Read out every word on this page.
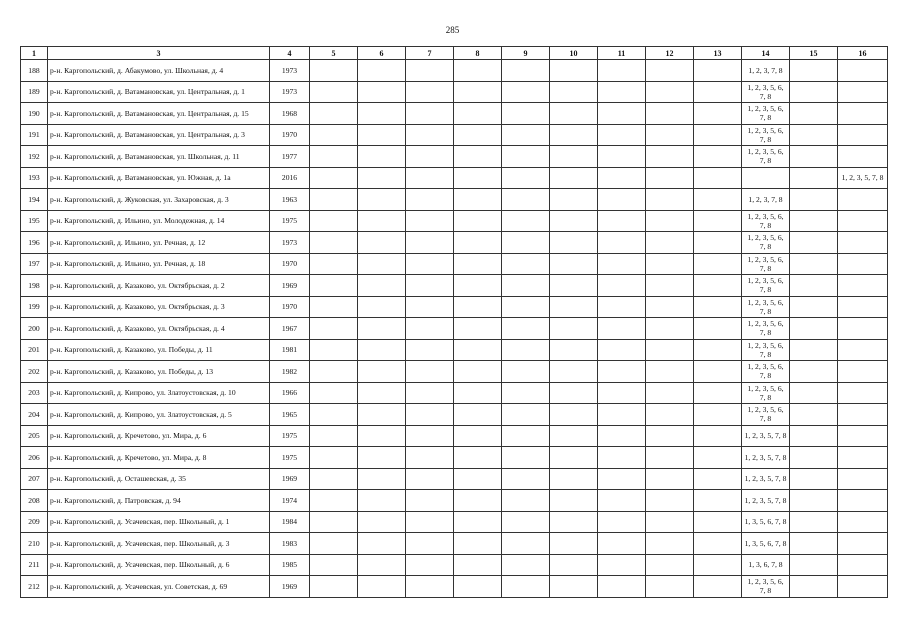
285
1	3	4	5	6	7	8	9	10	11	12	13	14	15	16
188	р-н. Каргопольский, д. Абакумово, ул. Школьная, д. 4	1973										1, 2, 3, 7, 8		
189	р-н. Каргопольский, д. Ватамановская, ул. Центральная, д. 1	1973										1, 2, 3, 5, 6, 7, 8		
190	р-н. Каргопольский, д. Ватамановская, ул. Центральная, д. 15	1968										1, 2, 3, 5, 6, 7, 8		
191	р-н. Каргопольский, д. Ватамановская, ул. Центральная, д. 3	1970										1, 2, 3, 5, 6, 7, 8		
192	р-н. Каргопольский, д. Ватамановская, ул. Школьная, д. 11	1977										1, 2, 3, 5, 6, 7, 8		
193	р-н. Каргопольский, д. Ватамановская, ул. Южная, д. 1а	2016												1, 2, 3, 5, 7, 8
194	р-н. Каргопольский, д. Жуковская, ул. Захаровская, д. 3	1963										1, 2, 3, 7, 8		
195	р-н. Каргопольский, д. Ильино, ул. Молодежная, д. 14	1975										1, 2, 3, 5, 6, 7, 8		
196	р-н. Каргопольский, д. Ильино, ул. Речная, д. 12	1973										1, 2, 3, 5, 6, 7, 8		
197	р-н. Каргопольский, д. Ильино, ул. Речная, д. 18	1970										1, 2, 3, 5, 6, 7, 8		
198	р-н. Каргопольский, д. Казаково, ул. Октябрьская, д. 2	1969										1, 2, 3, 5, 6, 7, 8		
199	р-н. Каргопольский, д. Казаково, ул. Октябрьская, д. 3	1970										1, 2, 3, 5, 6, 7, 8		
200	р-н. Каргопольский, д. Казаково, ул. Октябрьская, д. 4	1967										1, 2, 3, 5, 6, 7, 8		
201	р-н. Каргопольский, д. Казаково, ул. Победы, д. 11	1981										1, 2, 3, 5, 6, 7, 8		
202	р-н. Каргопольский, д. Казаково, ул. Победы, д. 13	1982										1, 2, 3, 5, 6, 7, 8		
203	р-н. Каргопольский, д. Кипрово, ул. Златоустовская, д. 10	1966										1, 2, 3, 5, 6, 7, 8		
204	р-н. Каргопольский, д. Кипрово, ул. Златоустовская, д. 5	1965										1, 2, 3, 5, 6, 7, 8		
205	р-н. Каргопольский, д. Кречетово, ул. Мира, д. 6	1975										1, 2, 3, 5, 7, 8		
206	р-н. Каргопольский, д. Кречетово, ул. Мира, д. 8	1975										1, 2, 3, 5, 7, 8		
207	р-н. Каргопольский, д. Осташевская, д. 35	1969										1, 2, 3, 5, 7, 8		
208	р-н. Каргопольский, д. Патровская, д. 94	1974										1, 2, 3, 5, 7, 8		
209	р-н. Каргопольский, д. Усачевская, пер. Школьный, д. 1	1984										1, 3, 5, 6, 7, 8		
210	р-н. Каргопольский, д. Усачевская, пер. Школьный, д. 3	1983										1, 3, 5, 6, 7, 8		
211	р-н. Каргопольский, д. Усачевская, пер. Школьный, д. 6	1985										1, 3, 6, 7, 8		
212	р-н. Каргопольский, д. Усачевская, ул. Советская, д. 69	1969										1, 2, 3, 5, 6, 7, 8		
